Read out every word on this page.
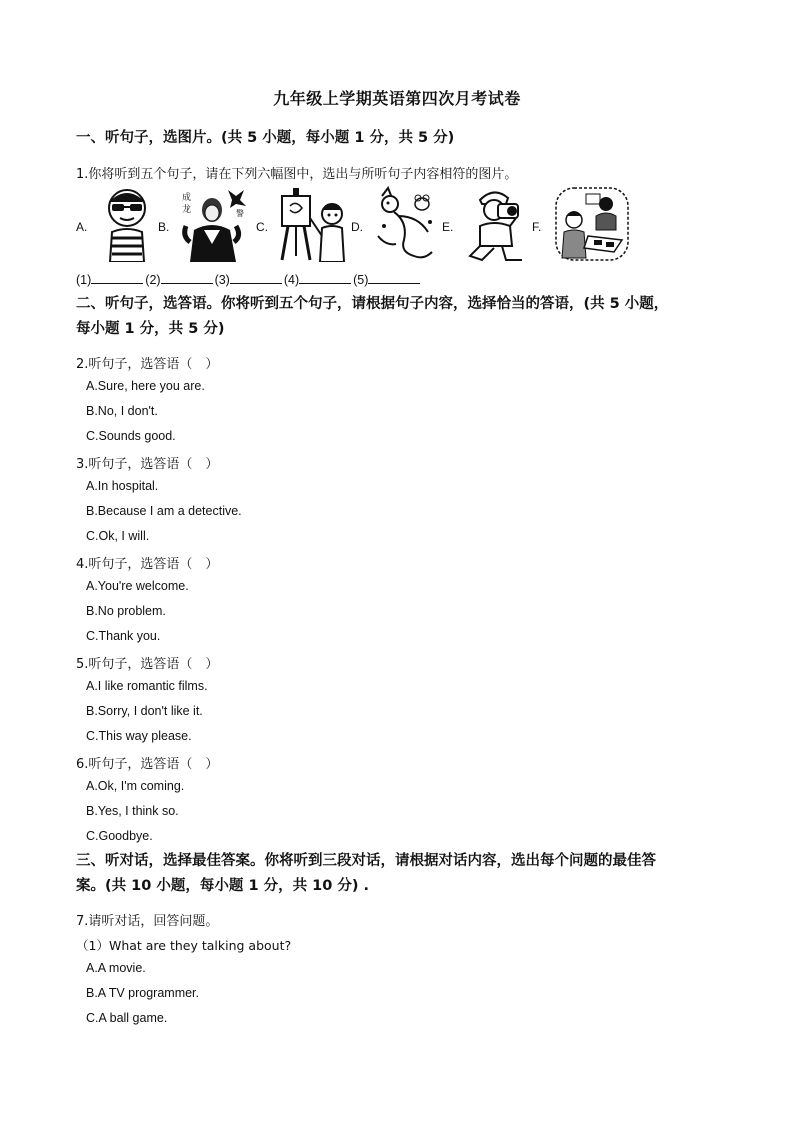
九年级上学期英语第四次月考试卷
一、听句子，选图片。(共 5 小题，每小题 1 分，共 5 分)
1.你将听到五个句子，请在下列六幅图中，选出与所听句子内容相符的图片。
A.	B.
成
龙	警
C.	D.	E.	F.
(1)	(2)	(3)	(4)	(5)
二、听句子，选答语。你将听到五个句子，请根据句子内容，选择恰当的答语，(共 5 小题，
每小题 1 分，共 5 分)
2.听句子，选答语（　）
A.Sure, here you are.
B.No, I don't.
C.Sounds good.
3.听句子，选答语（　）
A.In hospital.
B.Because I am a detective.
C.Ok, I will.
4.听句子，选答语（　）
A.You're welcome.
B.No problem.
C.Thank you.
5.听句子，选答语（　）
A.I like romantic films.
B.Sorry, I don't like it.
C.This way please.
6.听句子，选答语（　）
A.Ok, I'm coming.
B.Yes, I think so.
C.Goodbye.
三、听对话，选择最佳答案。你将听到三段对话，请根据对话内容，选出每个问题的最佳答
案。(共 10 小题，每小题 1 分，共 10 分) .
7.请听对话，回答问题。
（1）What are they talking about?
A.A movie.
B.A TV programmer.
C.A ball game.
